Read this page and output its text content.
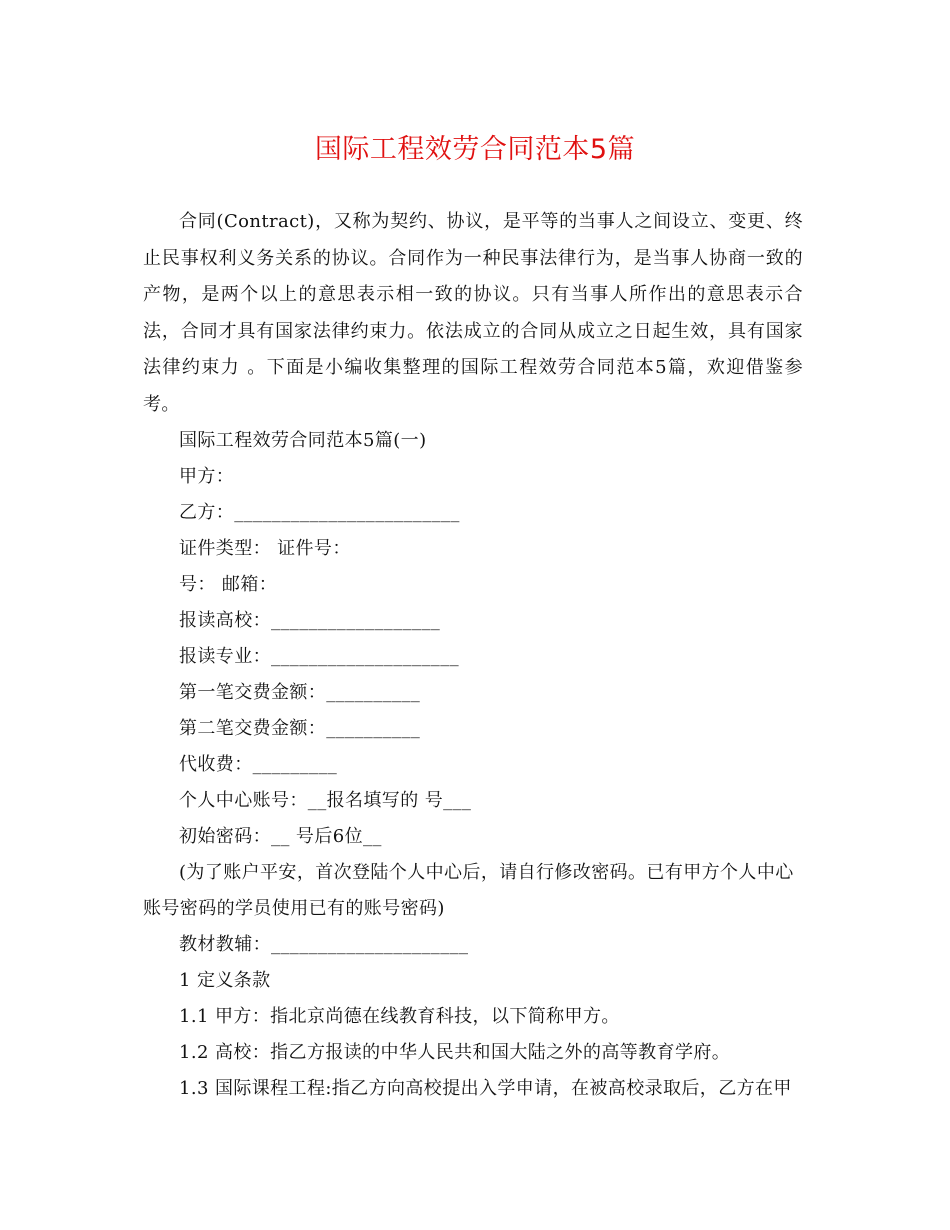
国际工程效劳合同范本5篇

合同(Contract)，又称为契约、协议，是平等的当事人之间设立、变更、终止民事权利义务关系的协议。合同作为一种民事法律行为，是当事人协商一致的产物，是两个以上的意思表示相一致的协议。只有当事人所作出的意思表示合法，合同才具有国家法律约束力。依法成立的合同从成立之日起生效，具有国家法律约束力 。下面是小编收集整理的国际工程效劳合同范本5篇，欢迎借鉴参考。

国际工程效劳合同范本5篇(一)

甲方：

乙方：________________________

证件类型： 证件号：

号： 邮箱：

报读高校：__________________

报读专业：____________________

第一笔交费金额：__________

第二笔交费金额：__________

代收费：_________

个人中心账号：__报名填写的 号___

初始密码：__ 号后6位__

(为了账户平安，首次登陆个人中心后，请自行修改密码。已有甲方个人中心账号密码的学员使用已有的账号密码)

教材教辅：_____________________

1 定义条款

1.1 甲方：指北京尚德在线教育科技，以下简称甲方。

1.2 高校：指乙方报读的中华人民共和国大陆之外的高等教育学府。

1.3 国际课程工程:指乙方向高校提出入学申请，在被高校录取后，乙方在甲
